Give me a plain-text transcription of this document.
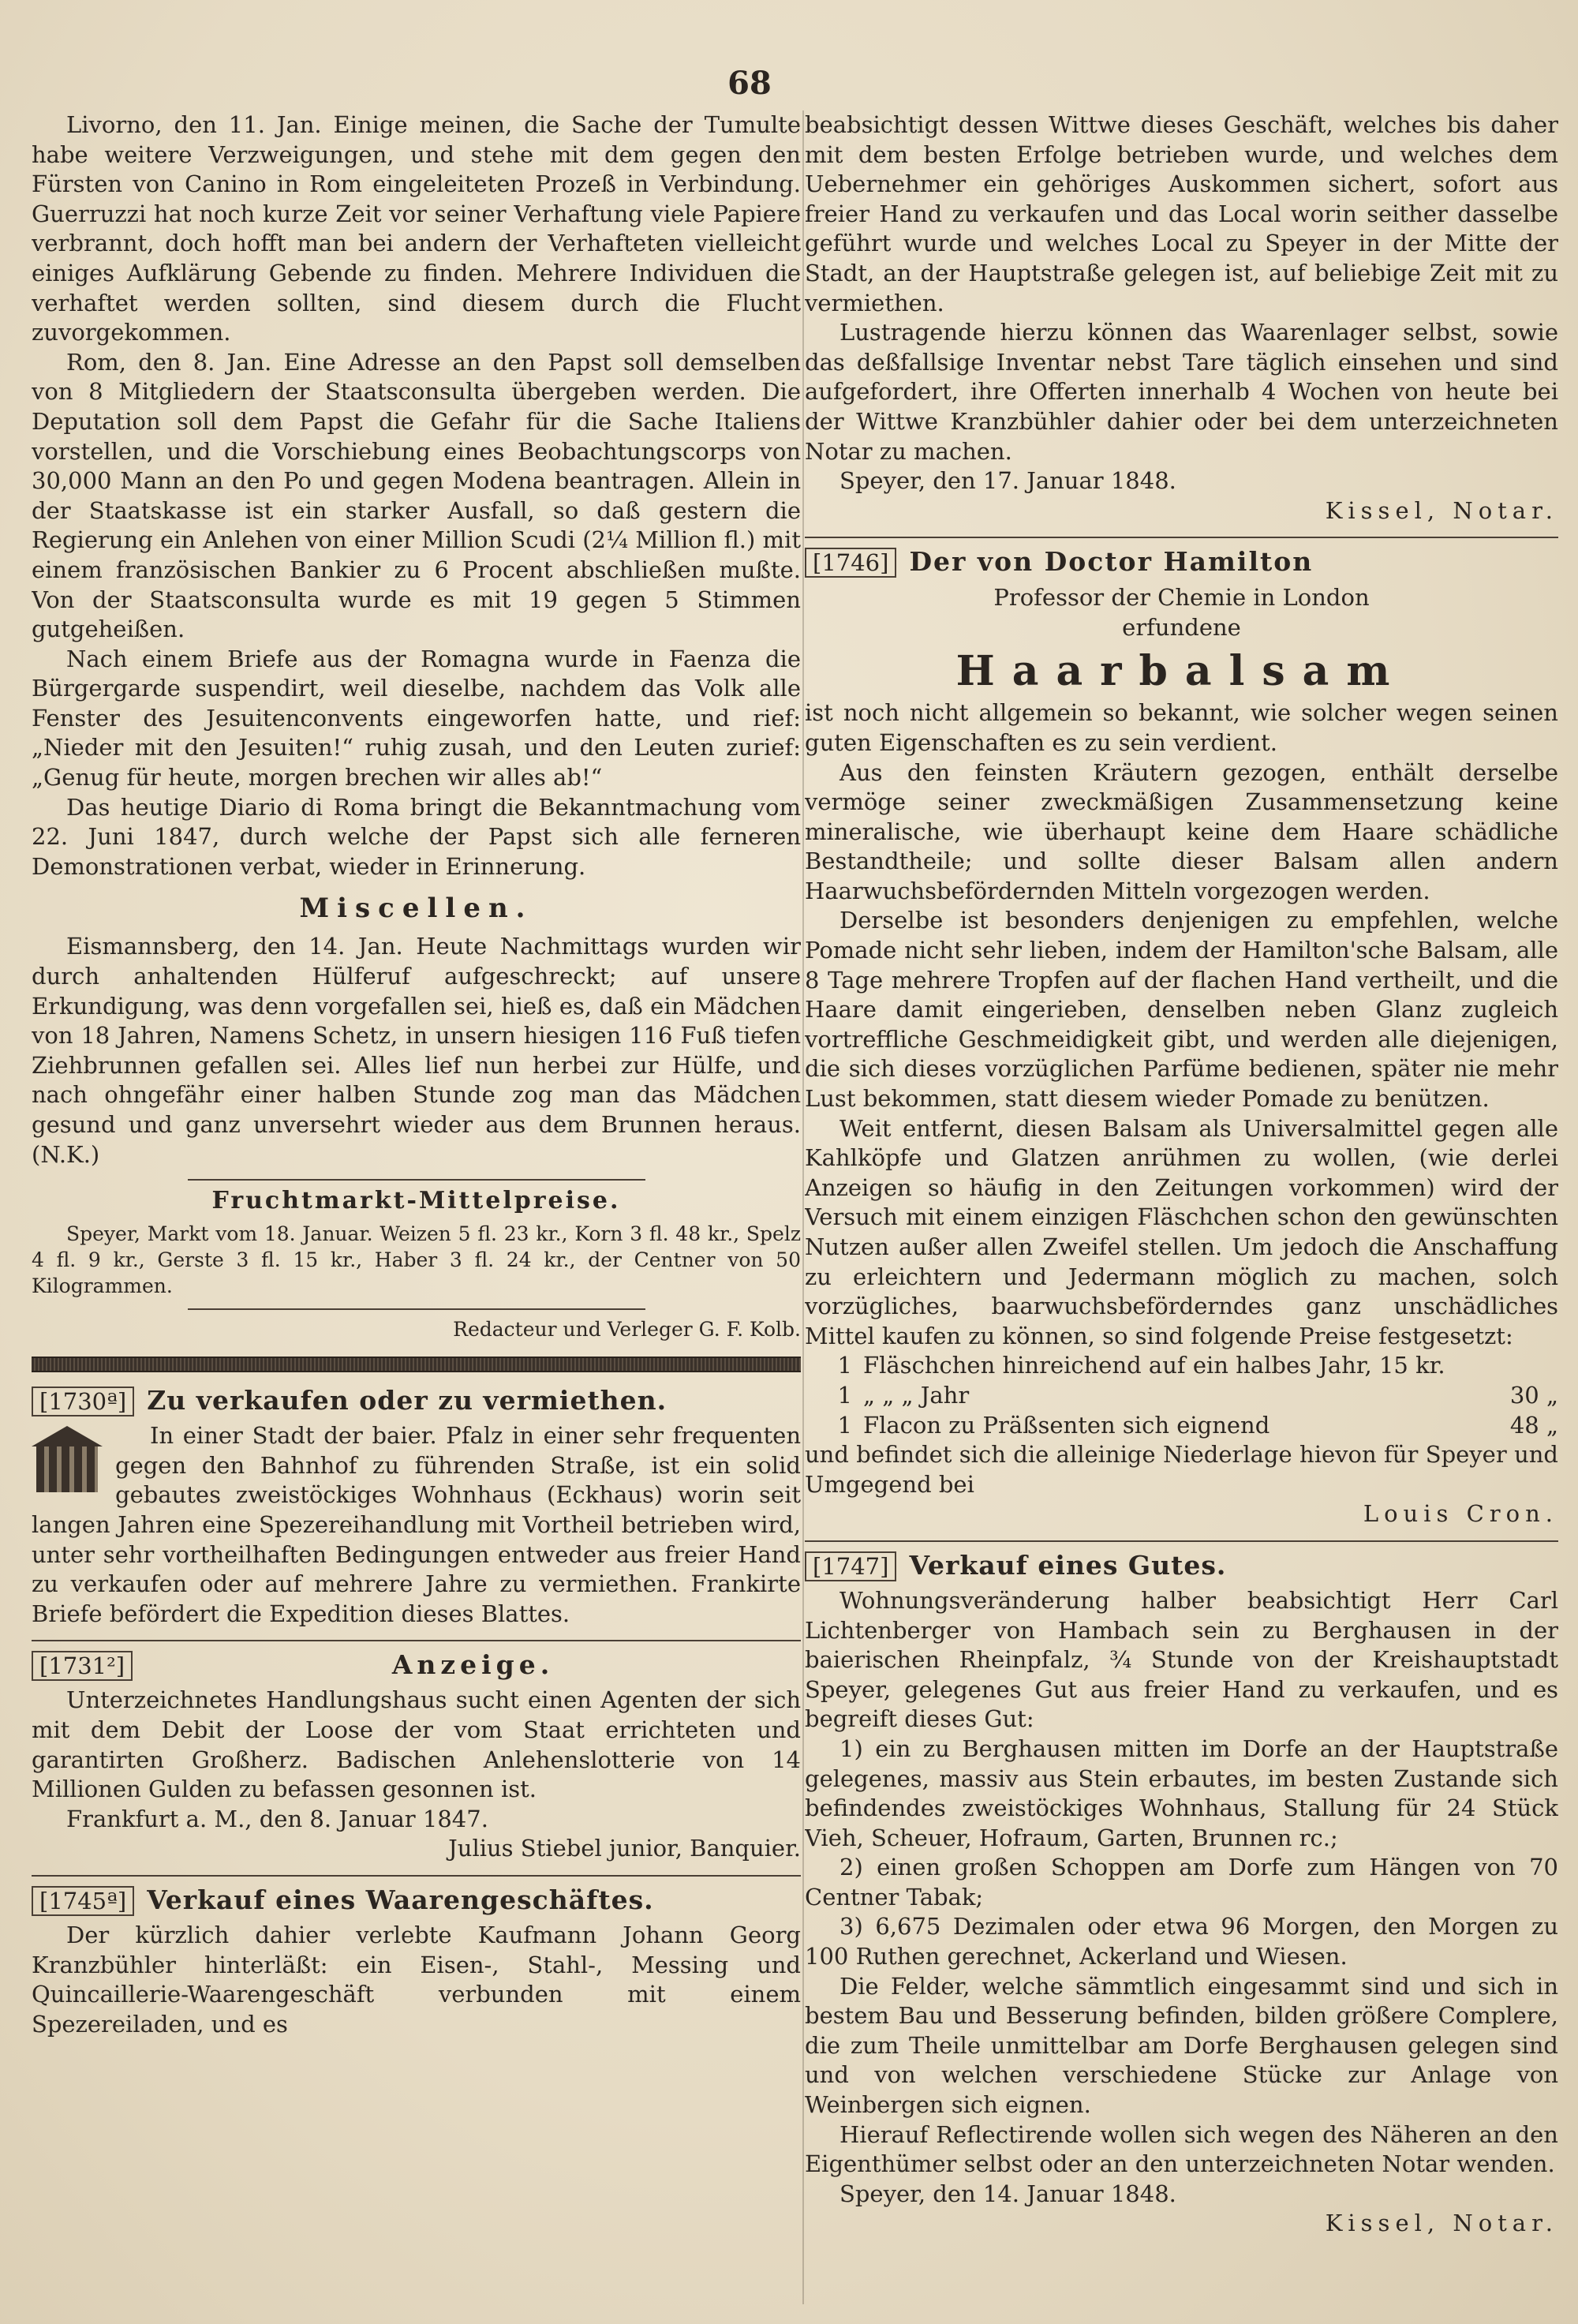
68

Livorno, den 11. Jan. Einige meinen, die Sache der Tumulte habe weitere Verzweigungen, und stehe mit dem gegen den Fürsten von Canino in Rom eingeleiteten Prozeß in Verbindung. Guerruzzi hat noch kurze Zeit vor seiner Verhaftung viele Papiere verbrannt, doch hofft man bei andern der Verhafteten vielleicht einiges Aufklärung Gebende zu finden. Mehrere Individuen die verhaftet werden sollten, sind diesem durch die Flucht zuvorgekommen.

Rom, den 8. Jan. Eine Adresse an den Papst soll demselben von 8 Mitgliedern der Staatsconsulta übergeben werden. Die Deputation soll dem Papst die Gefahr für die Sache Italiens vorstellen, und die Vorschiebung eines Beobachtungscorps von 30,000 Mann an den Po und gegen Modena beantragen. Allein in der Staatskasse ist ein starker Ausfall, so daß gestern die Regierung ein Anlehen von einer Million Scudi (2¼ Million fl.) mit einem französischen Bankier zu 6 Procent abschließen mußte. Von der Staatsconsulta wurde es mit 19 gegen 5 Stimmen gutgeheißen.

Nach einem Briefe aus der Romagna wurde in Faenza die Bürgergarde suspendirt, weil dieselbe, nachdem das Volk alle Fenster des Jesuitenconvents eingeworfen hatte, und rief: „Nieder mit den Jesuiten!“ ruhig zusah, und den Leuten zurief: „Genug für heute, morgen brechen wir alles ab!“

Das heutige Diario di Roma bringt die Bekanntmachung vom 22. Juni 1847, durch welche der Papst sich alle ferneren Demonstrationen verbat, wieder in Erinnerung.

Miscellen.

Eismannsberg, den 14. Jan. Heute Nachmittags wurden wir durch anhaltenden Hülferuf aufgeschreckt; auf unsere Erkundigung, was denn vorgefallen sei, hieß es, daß ein Mädchen von 18 Jahren, Namens Schetz, in unsern hiesigen 116 Fuß tiefen Ziehbrunnen gefallen sei. Alles lief nun herbei zur Hülfe, und nach ohngefähr einer halben Stunde zog man das Mädchen gesund und ganz unversehrt wieder aus dem Brunnen heraus. (N.K.)

Fruchtmarkt-Mittelpreise.

Speyer, Markt vom 18. Januar. Weizen 5 fl. 23 kr., Korn 3 fl. 48 kr., Spelz 4 fl. 9 kr., Gerste 3 fl. 15 kr., Haber 3 fl. 24 kr., der Centner von 50 Kilogrammen.

Redacteur und Verleger G. F. Kolb.

[1730ª] Zu verkaufen oder zu vermiethen.

In einer Stadt der baier. Pfalz in einer sehr frequenten gegen den Bahnhof zu führenden Straße, ist ein solid gebautes zweistöckiges Wohnhaus (Eckhaus) worin seit langen Jahren eine Spezereihandlung mit Vortheil betrieben wird, unter sehr vortheilhaften Bedingungen entweder aus freier Hand zu verkaufen oder auf mehrere Jahre zu vermiethen. Frankirte Briefe befördert die Expedition dieses Blattes.

[1731²]	Anzeige.

Unterzeichnetes Handlungshaus sucht einen Agenten der sich mit dem Debit der Loose der vom Staat errichteten und garantirten Großherz. Badischen Anlehenslotterie von 14 Millionen Gulden zu befassen gesonnen ist.

Frankfurt a. M., den 8. Januar 1847.

Julius Stiebel junior, Banquier.

[1745ª] Verkauf eines Waarengeschäftes.

Der kürzlich dahier verlebte Kaufmann Johann Georg Kranzbühler hinterläßt: ein Eisen-, Stahl-, Messing und Quincaillerie-Waarengeschäft verbunden mit einem Spezereiladen, und es

beabsichtigt dessen Wittwe dieses Geschäft, welches bis daher mit dem besten Erfolge betrieben wurde, und welches dem Uebernehmer ein gehöriges Auskommen sichert, sofort aus freier Hand zu verkaufen und das Local worin seither dasselbe geführt wurde und welches Local zu Speyer in der Mitte der Stadt, an der Hauptstraße gelegen ist, auf beliebige Zeit mit zu vermiethen.

Lustragende hierzu können das Waarenlager selbst, sowie das deßfallsige Inventar nebst Tare täglich einsehen und sind aufgefordert, ihre Offerten innerhalb 4 Wochen von heute bei der Wittwe Kranzbühler dahier oder bei dem unterzeichneten Notar zu machen.

Speyer, den 17. Januar 1848.

Kissel, Notar.

[1746] Der von Doctor Hamilton
Professor der Chemie in London
erfundene
Haarbalsam

ist noch nicht allgemein so bekannt, wie solcher wegen seinen guten Eigenschaften es zu sein verdient.

Aus den feinsten Kräutern gezogen, enthält derselbe vermöge seiner zweckmäßigen Zusammensetzung keine mineralische, wie überhaupt keine dem Haare schädliche Bestandtheile; und sollte dieser Balsam allen andern Haarwuchsbefördernden Mitteln vorgezogen werden.

Derselbe ist besonders denjenigen zu empfehlen, welche Pomade nicht sehr lieben, indem der Hamilton'sche Balsam, alle 8 Tage mehrere Tropfen auf der flachen Hand vertheilt, und die Haare damit eingerieben, denselben neben Glanz zugleich vortreffliche Geschmeidigkeit gibt, und werden alle diejenigen, die sich dieses vorzüglichen Parfüme bedienen, später nie mehr Lust bekommen, statt diesem wieder Pomade zu benützen.

Weit entfernt, diesen Balsam als Universalmittel gegen alle Kahlköpfe und Glatzen anrühmen zu wollen, (wie derlei Anzeigen so häufig in den Zeitungen vorkommen) wird der Versuch mit einem einzigen Fläschchen schon den gewünschten Nutzen außer allen Zweifel stellen. Um jedoch die Anschaffung zu erleichtern und Jedermann möglich zu machen, solch vorzügliches, baarwuchsbeförderndes ganz unschädliches Mittel kaufen zu können, so sind folgende Preise festgesetzt:

1 Fläschchen hinreichend auf ein halbes Jahr, 15 kr.
1 „ „ „ Jahr	30 „
1 Flacon zu Präßsenten sich eignend	48 „

und befindet sich die alleinige Niederlage hievon für Speyer und Umgegend bei

Louis Cron.

[1747] Verkauf eines Gutes.

Wohnungsveränderung halber beabsichtigt Herr Carl Lichtenberger von Hambach sein zu Berghausen in der baierischen Rheinpfalz, ¾ Stunde von der Kreishauptstadt Speyer, gelegenes Gut aus freier Hand zu verkaufen, und es begreift dieses Gut:

1) ein zu Berghausen mitten im Dorfe an der Hauptstraße gelegenes, massiv aus Stein erbautes, im besten Zustande sich befindendes zweistöckiges Wohnhaus, Stallung für 24 Stück Vieh, Scheuer, Hofraum, Garten, Brunnen rc.;

2) einen großen Schoppen am Dorfe zum Hängen von 70 Centner Tabak;

3) 6,675 Dezimalen oder etwa 96 Morgen, den Morgen zu 100 Ruthen gerechnet, Ackerland und Wiesen.

Die Felder, welche sämmtlich eingesammt sind und sich in bestem Bau und Besserung befinden, bilden größere Complere, die zum Theile unmittelbar am Dorfe Berghausen gelegen sind und von welchen verschiedene Stücke zur Anlage von Weinbergen sich eignen.

Hierauf Reflectirende wollen sich wegen des Näheren an den Eigenthümer selbst oder an den unterzeichneten Notar wenden.

Speyer, den 14. Januar 1848.

Kissel, Notar.
